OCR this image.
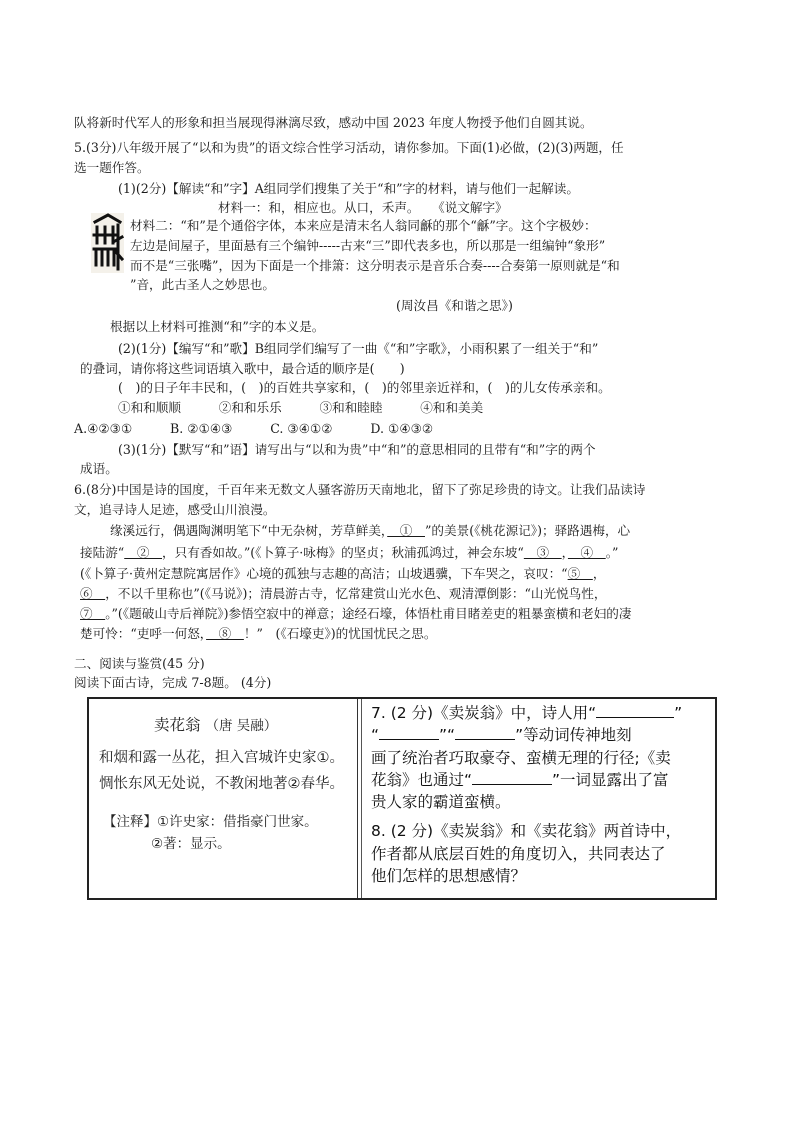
队将新时代军人的形象和担当展现得淋漓尽致，感动中国 2023 年度人物授予他们自圆其说。
5.(3分)八年级开展了“以和为贵”的语文综合性学习活动，请你参加。下面(1)必做，(2)(3)两题，任
选一题作答。
(1)(2分)【解读“和”字】A组同学们搜集了关于“和”字的材料，请与他们一起解读。
材料一：和，相应也。从口，禾声。　　《说文解字》
材料二：“和”是个通俗字体，本来应是清末名人翁同龢的那个“龢”字。这个字极妙：
左边是间屋子，里面悬有三个编钟-----古来“三”即代表多也，所以那是一组编钟“象形”
而不是“三张嘴”，因为下面是一个排箫：这分明表示是音乐合奏----合奏第一原则就是“和
”音，此古圣人之妙思也。
(周汝昌《和谐之思》)
根据以上材料可推测“和”字的本义是。
(2)(1分)【编写“和”歌】B组同学们编写了一曲《“和”字歌》，小雨积累了一组关于“和”
的叠词，请你将这些词语填入歌中，最合适的顺序是(　　)
(　)的日子年丰民和，(　)的百姓共享家和，(　)的邻里亲近祥和，(　)的儿女传承亲和。
①和和顺顺　　　②和和乐乐　　　③和和睦睦　　　④和和美美
A.④②③①　　　B. ②①④③　　　C. ③④①②　　　D. ①④③②
(3)(1分)【默写“和”语】请写出与“以和为贵”中“和”的意思相同的且带有“和”字的两个
成语。
6.(8分)中国是诗的国度，千百年来无数文人骚客游历天南地北，留下了弥足珍贵的诗文。让我们品读诗
文，追寻诗人足迹，感受山川浪漫。
缘溪远行，偶遇陶渊明笔下“中无杂树，芳草鲜美，　①　”的美景(《桃花源记》)；驿路遇梅，心
接陆游“　②　，只有香如故。”(《卜算子·咏梅》的坚贞；秋浦孤鸿过，神会东坡“　③　，　④　。”
(《卜算子·黄州定慧院寓居作》心境的孤独与志趣的高洁；山坡遇骥，下车哭之，哀叹：“⑤　，
⑥　，不以千里称也”(《马说》)；清晨游古寺，忆常建赏山光水色、观清潭倒影：“山光悦鸟性，
⑦　。”(《题破山寺后禅院》)参悟空寂中的禅意；途经石壕，体悟杜甫目睹差吏的粗暴蛮横和老妇的凄
楚可怜：“吏呼一何怒，　⑧　！”　(《石壕吏》)的忧国忧民之思。
二、阅读与鉴赏(45 分)
阅读下面古诗，完成 7-8题。 (4分)
卖花翁 （唐 吴融）
和烟和露一丛花，担入宫城许史家①。
惆怅东风无处说，不教闲地著②春华。
【注释】①许史家：借指豪门世家。
②著：显示。
7. (2 分)《卖炭翁》中，诗人用“	”
“	”“	”等动词传神地刻
画了统治者巧取豪夺、蛮横无理的行径;《卖
花翁》也通过“	”一词显露出了富
贵人家的霸道蛮横。
8. (2 分)《卖炭翁》和《卖花翁》两首诗中，
作者都从底层百姓的角度切入，共同表达了
他们怎样的思想感情？
